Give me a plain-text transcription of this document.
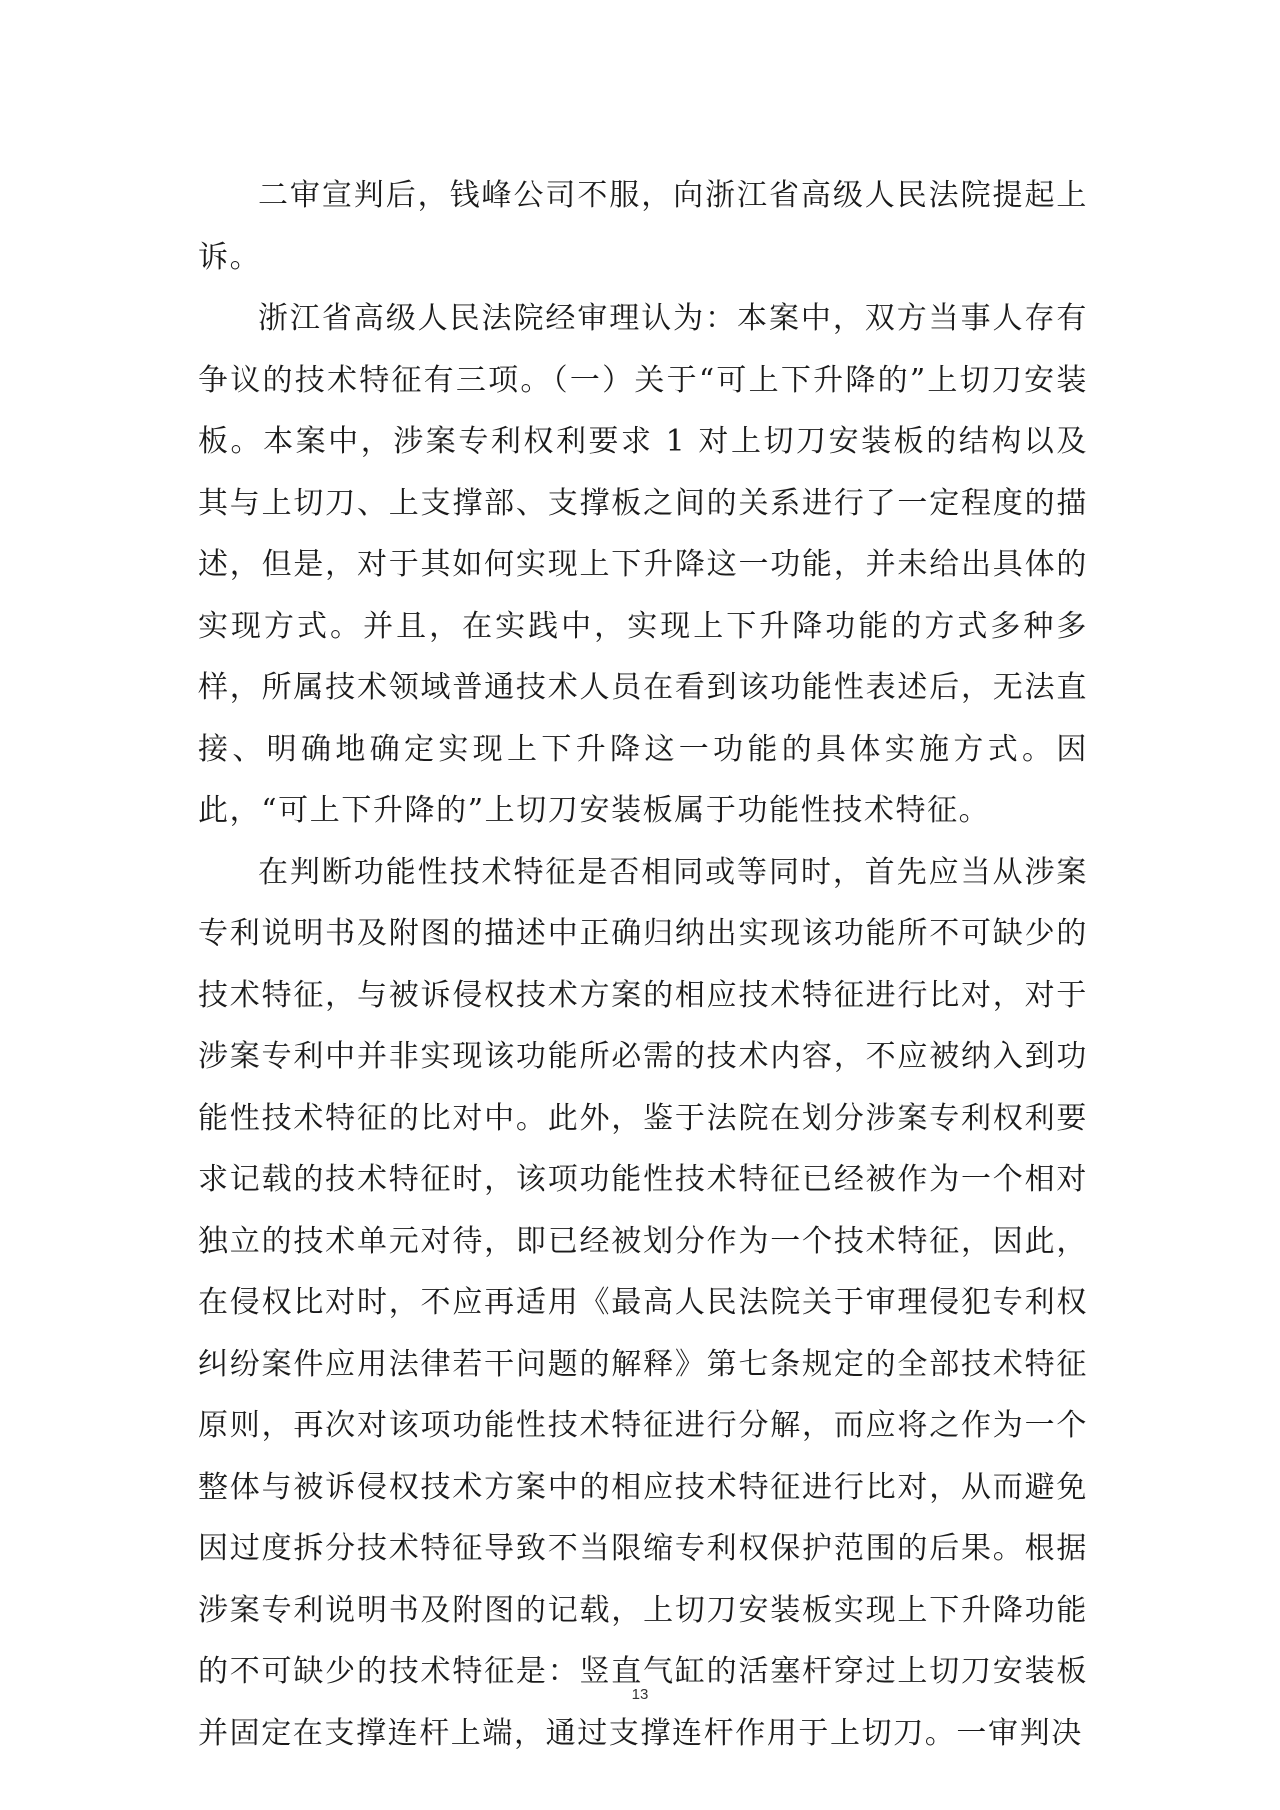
二审宣判后，钱峰公司不服，向浙江省高级人民法院提起上诉。

浙江省高级人民法院经审理认为：本案中，双方当事人存有争议的技术特征有三项。（一）关于“可上下升降的”上切刀安装板。本案中，涉案专利权利要求 1 对上切刀安装板的结构以及其与上切刀、上支撑部、支撑板之间的关系进行了一定程度的描述，但是，对于其如何实现上下升降这一功能，并未给出具体的实现方式。并且，在实践中，实现上下升降功能的方式多种多样，所属技术领域普通技术人员在看到该功能性表述后，无法直接、明确地确定实现上下升降这一功能的具体实施方式。因此，“可上下升降的”上切刀安装板属于功能性技术特征。

在判断功能性技术特征是否相同或等同时，首先应当从涉案专利说明书及附图的描述中正确归纳出实现该功能所不可缺少的技术特征，与被诉侵权技术方案的相应技术特征进行比对，对于涉案专利中并非实现该功能所必需的技术内容，不应被纳入到功能性技术特征的比对中。此外，鉴于法院在划分涉案专利权利要求记载的技术特征时，该项功能性技术特征已经被作为一个相对独立的技术单元对待，即已经被划分作为一个技术特征，因此，在侵权比对时，不应再适用《最高人民法院关于审理侵犯专利权纠纷案件应用法律若干问题的解释》第七条规定的全部技术特征原则，再次对该项功能性技术特征进行分解，而应将之作为一个整体与被诉侵权技术方案中的相应技术特征进行比对，从而避免因过度拆分技术特征导致不当限缩专利权保护范围的后果。根据涉案专利说明书及附图的记载，上切刀安装板实现上下升降功能的不可缺少的技术特征是：竖直气缸的活塞杆穿过上切刀安装板并固定在支撑连杆上端，通过支撑连杆作用于上切刀。一审判决

13
